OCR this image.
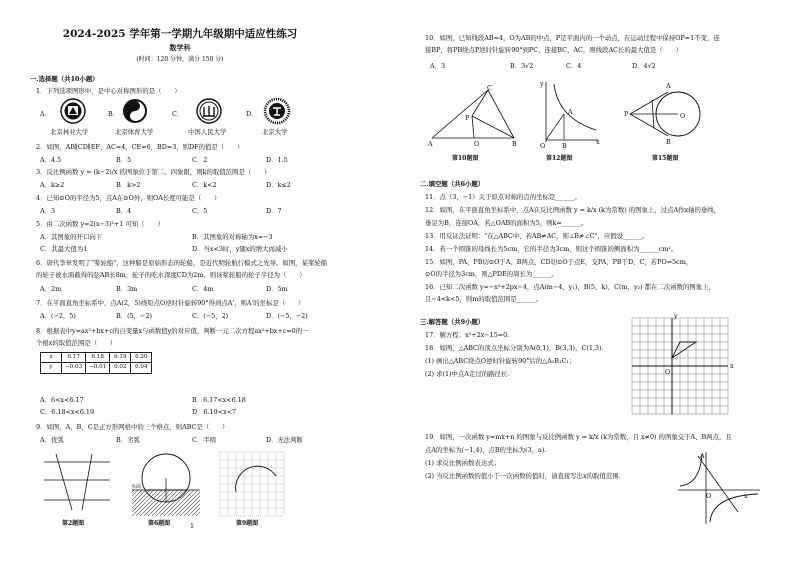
2024-2025 学年第一学期九年级期中适应性练习
数学科
(时间：120 分钟，满分 150 分)
一.选择题（共10小题）
1．下列选项图形中，是中心对称图形的是（　　）
A．
北京林业大学
B．
北京体育大学
C．
中国人民大学
D．
北京大学
2．如图，AB∥CD∥EF，AC=4，CE=6，BD=3，则DF的值是（　　）
A．4.5	B．5	C．2	D．1.5
3．反比例函数 y = (k−2)/x 的图象位于第二、四象限，则k的取值范围是（　　）
A．k≥2	B．k>2	C．k<2	D．k≤2
4．已知⊙O的半径为5，点A在⊙O外，则OA长度可能是（　　）
A．3	B．4	C．5	D．7
5．由二次函数 y=2(x−3)²+1 可知（　　）
A．其图象的开口向下	B．其图象的对称轴为x=−3
C．其最大值为1	D．当x<3时，y随x的增大而减小
6．唐代李皋发明了"桨轮船"，这种船是原始形态的轮船，是近代明轮航行模式之先导。如图，某桨轮船
的轮子被水面截得的弦AB长8m，轮子的吃水深度CD为2m，则该桨轮船的轮子半径为（　　）
A．2m	B．3m	C．4m	D．5m
7．在平面直角坐标系中，点A(2，5)绕原点O逆时针旋转90°得到点A'，则A'的坐标是（　　）
A．(−2，5)	B．(5，−2)	C．(−5，2)	D．(−5，−2)
8．根据表中y=ax²+bx+c的自变量x与函数值y的对应值，判断一元二次方程ax²+bx+c=0的一
个根x的取值范围是（　　）
x	6.17	6.18	6.19	6.20
y	−0.03	−0.01	0.02	0.04
A．6<x<6.17	B．6.17<x<6.18
C．6.18<x<6.19	D．6.19<x<7
9．如图，A，B，C是正方形网格中的三个格点，则ABC是（　　）
A．优弧	B．劣弧	C．半圆	D．无法判断
第2题图
水面
第6题图	1	第9题图
10．如图，已知线段AB=4，O为AB的中点，P是平面内的一个动点，在运动过程中保持OP=1不变，连
接BP，将PB绕点P逆时针旋转90°到PC，连接BC、AC，则线段AC长的最大值是（　　）
A．3	B．3√2	C．4	D．4√2
A	B
C
O
P
第10题图
y
x
O	B
A
第12题图
P
A
B
O
第15题图
二.填空题（共6小题）
11．点（3，−1）关于原点对称的点的坐标是______。
12．如图，在平面直角坐标系中，点A在反比例函数 y = k/x (k为常数) 的图象上，过点A作x轴的垂线，
垂足为B，连接OA，若△OAB的面积为5，则k=______。
13．用反证法证明："在△ABC中，若AB≠AC，则∠B≠∠C"，应假设______。
14．若一个圆锥的母线长为5cm，它的半径为3cm，则这个圆锥的侧面积为______cm²。
15．如图，PA、PB切⊙O于A、B两点，CD切⊙O于点E，交PA、PB于D、C，若PO=5cm，
⊙O的半径为3cm，则△PDE的周长为______。
16．已知二次函数 y=−x²+2px−4，点A(m−4，y₁)，B(5，k)，C(m，y₂) 都在二次函数的图象上，
且−4<k<5，则m的取值范围是______。
三.解答题（共9小题）
17．解方程：x²+2x−15=0.
18．如图，△ABC的顶点坐标分别为A(0,1)，B(3,3)，C(1,3).
(1) 画出△ABC绕点O逆时针旋转90°后的△A₁B₁C₁；
(2) 求(1)中点A走过的路径长.
y
x
O
19．如图，一次函数 y=mx+n 的图象与反比例函数 y = k/x (k为常数，且 x≠0) 的图象交于A、B两点，且
点A的坐标为(−1,4)，点B的坐标为(3，a).
(1) 求反比例函数表达式；
(2) 当反比例函数的值小于一次函数的值时，请直接写出x的取值范围.
A
O	x
